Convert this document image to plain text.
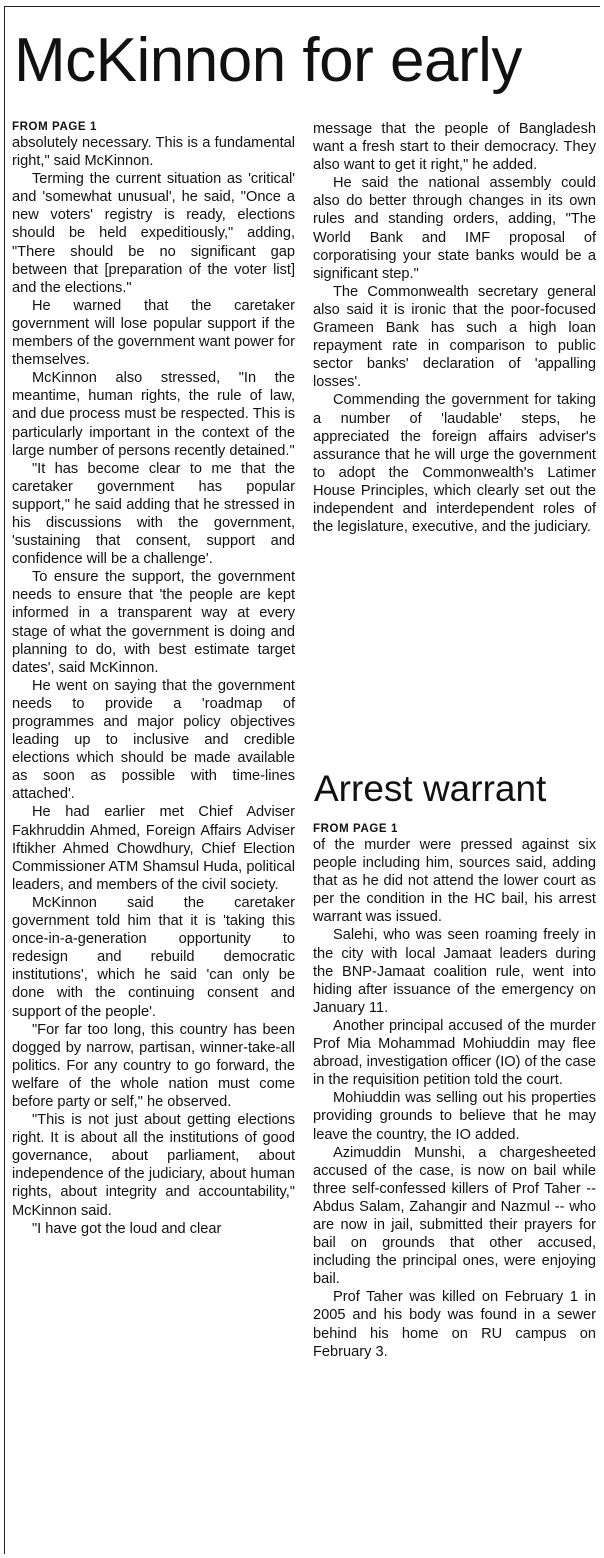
McKinnon for early
FROM PAGE 1

absolutely necessary. This is a fundamental right," said McKinnon.

Terming the current situation as 'critical' and 'somewhat unusual', he said, "Once a new voters' registry is ready, elections should be held expeditiously," adding, "There should be no significant gap between that [preparation of the voter list] and the elections."

He warned that the caretaker government will lose popular support if the members of the government want power for themselves.

McKinnon also stressed, "In the meantime, human rights, the rule of law, and due process must be respected. This is particularly important in the context of the large number of persons recently detained."

"It has become clear to me that the caretaker government has popular support," he said adding that he stressed in his discussions with the government, 'sustaining that consent, support and confidence will be a challenge'.

To ensure the support, the government needs to ensure that 'the people are kept informed in a transparent way at every stage of what the government is doing and planning to do, with best estimate target dates', said McKinnon.

He went on saying that the government needs to provide a 'roadmap of programmes and major policy objectives leading up to inclusive and credible elections which should be made available as soon as possible with time-lines attached'.

He had earlier met Chief Adviser Fakhruddin Ahmed, Foreign Affairs Adviser Iftikher Ahmed Chowdhury, Chief Election Commissioner ATM Shamsul Huda, political leaders, and members of the civil society.

McKinnon said the caretaker government told him that it is 'taking this once-in-a-generation opportunity to redesign and rebuild democratic institutions', which he said 'can only be done with the continuing consent and support of the people'.

"For far too long, this country has been dogged by narrow, partisan, winner-take-all politics. For any country to go forward, the welfare of the whole nation must come before party or self," he observed.

"This is not just about getting elections right. It is about all the institutions of good governance, about parliament, about independence of the judiciary, about human rights, about integrity and accountability," McKinnon said.

"I have got the loud and clear

message that the people of Bangladesh want a fresh start to their democracy. They also want to get it right," he added.

He said the national assembly could also do better through changes in its own rules and standing orders, adding, "The World Bank and IMF proposal of corporatising your state banks would be a significant step."

The Commonwealth secretary general also said it is ironic that the poor-focused Grameen Bank has such a high loan repayment rate in comparison to public sector banks' declaration of 'appalling losses'.

Commending the government for taking a number of 'laudable' steps, he appreciated the foreign affairs adviser's assurance that he will urge the government to adopt the Commonwealth's Latimer House Principles, which clearly set out the independent and interdependent roles of the legislature, executive, and the judiciary.

Arrest warrant
FROM PAGE 1

of the murder were pressed against six people including him, sources said, adding that as he did not attend the lower court as per the condition in the HC bail, his arrest warrant was issued.

Salehi, who was seen roaming freely in the city with local Jamaat leaders during the BNP-Jamaat coalition rule, went into hiding after issuance of the emergency on January 11.

Another principal accused of the murder Prof Mia Mohammad Mohiuddin may flee abroad, investigation officer (IO) of the case in the requisition petition told the court.

Mohiuddin was selling out his properties providing grounds to believe that he may leave the country, the IO added.

Azimuddin Munshi, a chargesheeted accused of the case, is now on bail while three self-confessed killers of Prof Taher -- Abdus Salam, Zahangir and Nazmul -- who are now in jail, submitted their prayers for bail on grounds that other accused, including the principal ones, were enjoying bail.

Prof Taher was killed on February 1 in 2005 and his body was found in a sewer behind his home on RU campus on February 3.
